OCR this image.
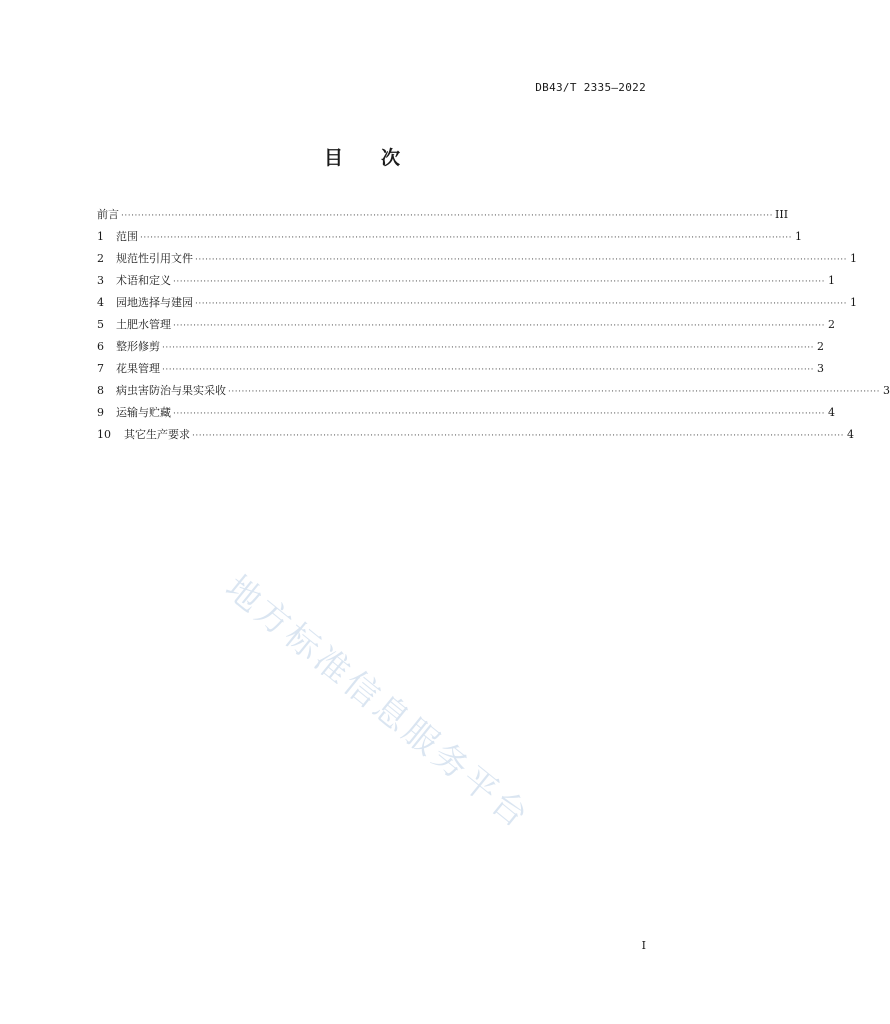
DB43/T 2335—2022
目 次
前言 ·································································································································································································· III
1	范围 ·································································································································································································· 1
2	规范性引用文件 ·································································································································································································· 1
3	术语和定义 ·································································································································································································· 1
4	园地选择与建园 ·································································································································································································· 1
5	土肥水管理 ·································································································································································································· 2
6	整形修剪 ·································································································································································································· 2
7	花果管理 ·································································································································································································· 3
8	病虫害防治与果实采收 ·································································································································································································· 3
9	运输与贮藏 ·································································································································································································· 4
10	其它生产要求 ·································································································································································································· 4
地方标准信息服务平台
I
